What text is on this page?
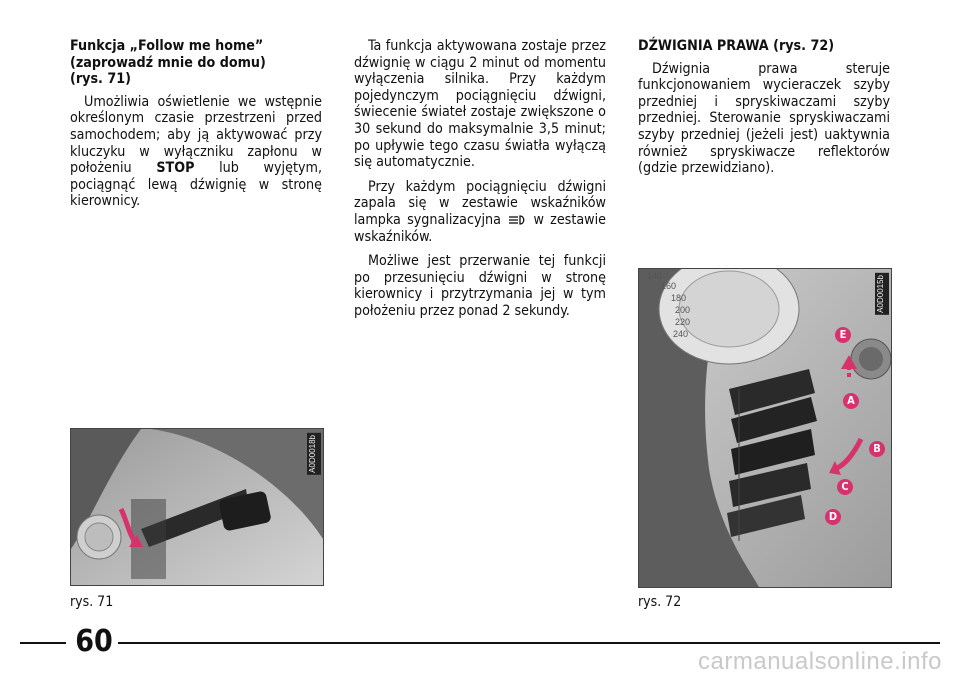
Funkcja „Follow me home”
(zaprowadź mnie do domu)
(rys. 71)

Umożliwia oświetlenie we wstępnie określonym czasie przestrzeni przed samochodem; aby ją aktywować przy kluczyku w wyłączniku zapłonu w położeniu STOP lub wyjętym, pociągnąć lewą dźwignię w stronę kierownicy.

Ta funkcja aktywowana zostaje przez dźwignię w ciągu 2 minut od momentu wyłączenia silnika. Przy każdym pojedynczym pociągnięciu dźwigni, świecenie świateł zostaje zwiększone o 30 sekund do maksymalnie 3,5 minut; po upływie tego czasu światła wyłączą się automatycznie.

Przy każdym pociągnięciu dźwigni zapala się w zestawie wskaźników lampka sygnalizacyjna
w zestawie wskaźników.

Możliwe jest przerwanie tej funkcji po przesunięciu dźwigni w stronę kierownicy i przytrzymania jej w tym położeniu przez ponad 2 sekundy.

DŹWIGNIA PRAWA (rys. 72)

Dźwignia prawa steruje funkcjonowaniem wycieraczek szyby przedniej i spryskiwaczami szyby przedniej. Sterowanie spryskiwaczami szyby przedniej (jeżeli jest) uaktywnia również spryskiwacze reflektorów (gdzie przewidziano).

A0D0018b
rys. 71
140
160
180
200
220
240	E
A
B
C
D
A0D0015b
rys. 72
60
carmanualsonline.info
